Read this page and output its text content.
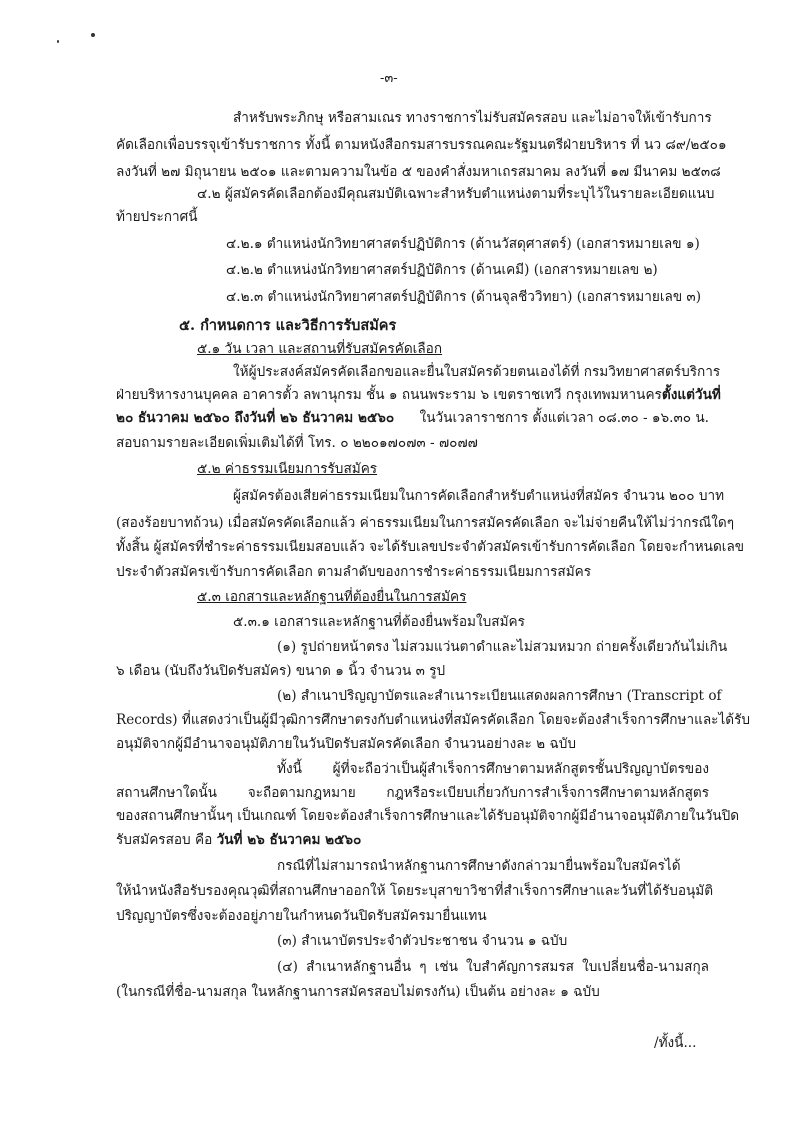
-๓-
สำหรับพระภิกษุ หรือสามเณร ทางราชการไม่รับสมัครสอบ และไม่อาจให้เข้ารับการ
คัดเลือกเพื่อบรรจุเข้ารับราชการ ทั้งนี้ ตามหนังสือกรมสารบรรณคณะรัฐมนตรีฝ่ายบริหาร ที่ นว ๘๙/๒๕๐๑
ลงวันที่ ๒๗ มิถุนายน ๒๕๐๑ และตามความในข้อ ๕ ของคำสั่งมหาเถรสมาคม ลงวันที่ ๑๗ มีนาคม ๒๕๓๘
๔.๒ ผู้สมัครคัดเลือกต้องมีคุณสมบัติเฉพาะสำหรับตำแหน่งตามที่ระบุไว้ในรายละเอียดแนบ
ท้ายประกาศนี้
๔.๒.๑ ตำแหน่งนักวิทยาศาสตร์ปฏิบัติการ (ด้านวัสดุศาสตร์) (เอกสารหมายเลข ๑)
๔.๒.๒ ตำแหน่งนักวิทยาศาสตร์ปฏิบัติการ (ด้านเคมี) (เอกสารหมายเลข ๒)
๔.๒.๓ ตำแหน่งนักวิทยาศาสตร์ปฏิบัติการ (ด้านจุลชีววิทยา) (เอกสารหมายเลข ๓)
๕. กำหนดการ และวิธีการรับสมัคร
๕.๑ วัน เวลา และสถานที่รับสมัครคัดเลือก
ให้ผู้ประสงค์สมัครคัดเลือกขอและยื่นใบสมัครด้วยตนเองได้ที่ กรมวิทยาศาสตร์บริการ
ฝ่ายบริหารงานบุคคล อาคารตั้ว ลพานุกรม ชั้น ๑ ถนนพระราม ๖ เขตราชเทวี กรุงเทพมหานคร ตั้งแต่วันที่
๒๐ ธันวาคม ๒๕๖๐ ถึงวันที่ ๒๖ ธันวาคม ๒๕๖๐ ในวันเวลาราชการ ตั้งแต่เวลา ๐๘.๓๐ - ๑๖.๓๐ น.
สอบถามรายละเอียดเพิ่มเติมได้ที่ โทร. ๐ ๒๒๐๑๗๐๗๓ - ๗๐๗๗
๕.๒ ค่าธรรมเนียมการรับสมัคร
ผู้สมัครต้องเสียค่าธรรมเนียมในการคัดเลือกสำหรับตำแหน่งที่สมัคร จำนวน ๒๐๐ บาท
(สองร้อยบาทถ้วน) เมื่อสมัครคัดเลือกแล้ว ค่าธรรมเนียมในการสมัครคัดเลือก จะไม่จ่ายคืนให้ไม่ว่ากรณีใดๆ
ทั้งสิ้น ผู้สมัครที่ชำระค่าธรรมเนียมสอบแล้ว จะได้รับเลขประจำตัวสมัครเข้ารับการคัดเลือก โดยจะกำหนดเลข
ประจำตัวสมัครเข้ารับการคัดเลือก ตามลำดับของการชำระค่าธรรมเนียมการสมัคร
๕.๓ เอกสารและหลักฐานที่ต้องยื่นในการสมัคร
๕.๓.๑ เอกสารและหลักฐานที่ต้องยื่นพร้อมใบสมัคร
(๑) รูปถ่ายหน้าตรง ไม่สวมแว่นตาดำและไม่สวมหมวก ถ่ายครั้งเดียวกันไม่เกิน
๖ เดือน (นับถึงวันปิดรับสมัคร) ขนาด ๑ นิ้ว จำนวน ๓ รูป
(๒) สำเนาปริญญาบัตรและสำเนาระเบียนแสดงผลการศึกษา (Transcript of
Records) ที่แสดงว่าเป็นผู้มีวุฒิการศึกษาตรงกับตำแหน่งที่สมัครคัดเลือก โดยจะต้องสำเร็จการศึกษาและได้รับ
อนุมัติจากผู้มีอำนาจอนุมัติภายในวันปิดรับสมัครคัดเลือก จำนวนอย่างละ ๒ ฉบับ
ทั้งนี้ ผู้ที่จะถือว่าเป็นผู้สำเร็จการศึกษาตามหลักสูตรชั้นปริญญาบัตรของ
สถานศึกษาใดนั้น จะถือตามกฎหมาย กฎหรือระเบียบเกี่ยวกับการสำเร็จการศึกษาตามหลักสูตร
ของสถานศึกษานั้นๆ เป็นเกณฑ์ โดยจะต้องสำเร็จการศึกษาและได้รับอนุมัติจากผู้มีอำนาจอนุมัติภายในวันปิด
รับสมัครสอบ คือ วันที่ ๒๖ ธันวาคม ๒๕๖๐
กรณีที่ไม่สามารถนำหลักฐานการศึกษาดังกล่าวมายื่นพร้อมใบสมัครได้
ให้นำหนังสือรับรองคุณวุฒิที่สถานศึกษาออกให้ โดยระบุสาขาวิชาที่สำเร็จการศึกษาและวันที่ได้รับอนุมัติ
ปริญญาบัตรซึ่งจะต้องอยู่ภายในกำหนดวันปิดรับสมัครมายื่นแทน
(๓) สำเนาบัตรประจำตัวประชาชน จำนวน ๑ ฉบับ
(๔) สำเนาหลักฐานอื่น ๆ เช่น ใบสำคัญการสมรส ใบเปลี่ยนชื่อ-นามสกุล
(ในกรณีที่ชื่อ-นามสกุล ในหลักฐานการสมัครสอบไม่ตรงกัน) เป็นต้น อย่างละ ๑ ฉบับ
/ทั้งนี้...
